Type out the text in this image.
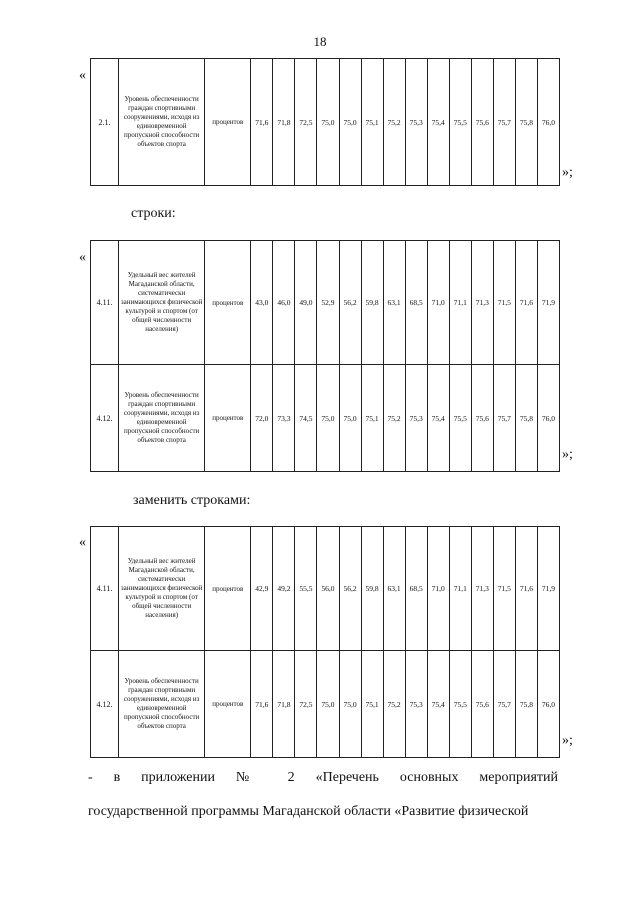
18
«
2.1.	Уровень обеспеченности граждан спортивными сооружениями, исходя из единовременной пропускной способности объектов спорта	процентов	71,6	71,8	72,5	75,0	75,0	75,1	75,2	75,3	75,4	75,5	75,6	75,7	75,8	76,0
»;
строки:
«
4.11.	Удельный вес жителей Магаданской области, систематически занимающихся физической культурой и спортом (от общей численности населения)	процентов	43,0	46,0	49,0	52,9	56,2	59,8	63,1	68,5	71,0	71,1	71,3	71,5	71,6	71,9
4.12.	Уровень обеспеченности граждан спортивными сооружениями, исходя из единовременной пропускной способности объектов спорта	процентов	72,0	73,3	74,5	75,0	75,0	75,1	75,2	75,3	75,4	75,5	75,6	75,7	75,8	76,0
»;
заменить строками:
«
4.11.	Удельный вес жителей Магаданской области, систематически занимающихся физической культурой и спортом (от общей численности населения)	процентов	42,9	49,2	55,5	56,0	56,2	59,8	63,1	68,5	71,0	71,1	71,3	71,5	71,6	71,9
4.12.	Уровень обеспеченности граждан спортивными сооружениями, исходя из единовременной пропускной способности объектов спорта	процентов	71,6	71,8	72,5	75,0	75,0	75,1	75,2	75,3	75,4	75,5	75,6	75,7	75,8	76,0
»;
- в приложении № 2 «Перечень основных мероприятий
государственной программы Магаданской области «Развитие физической
